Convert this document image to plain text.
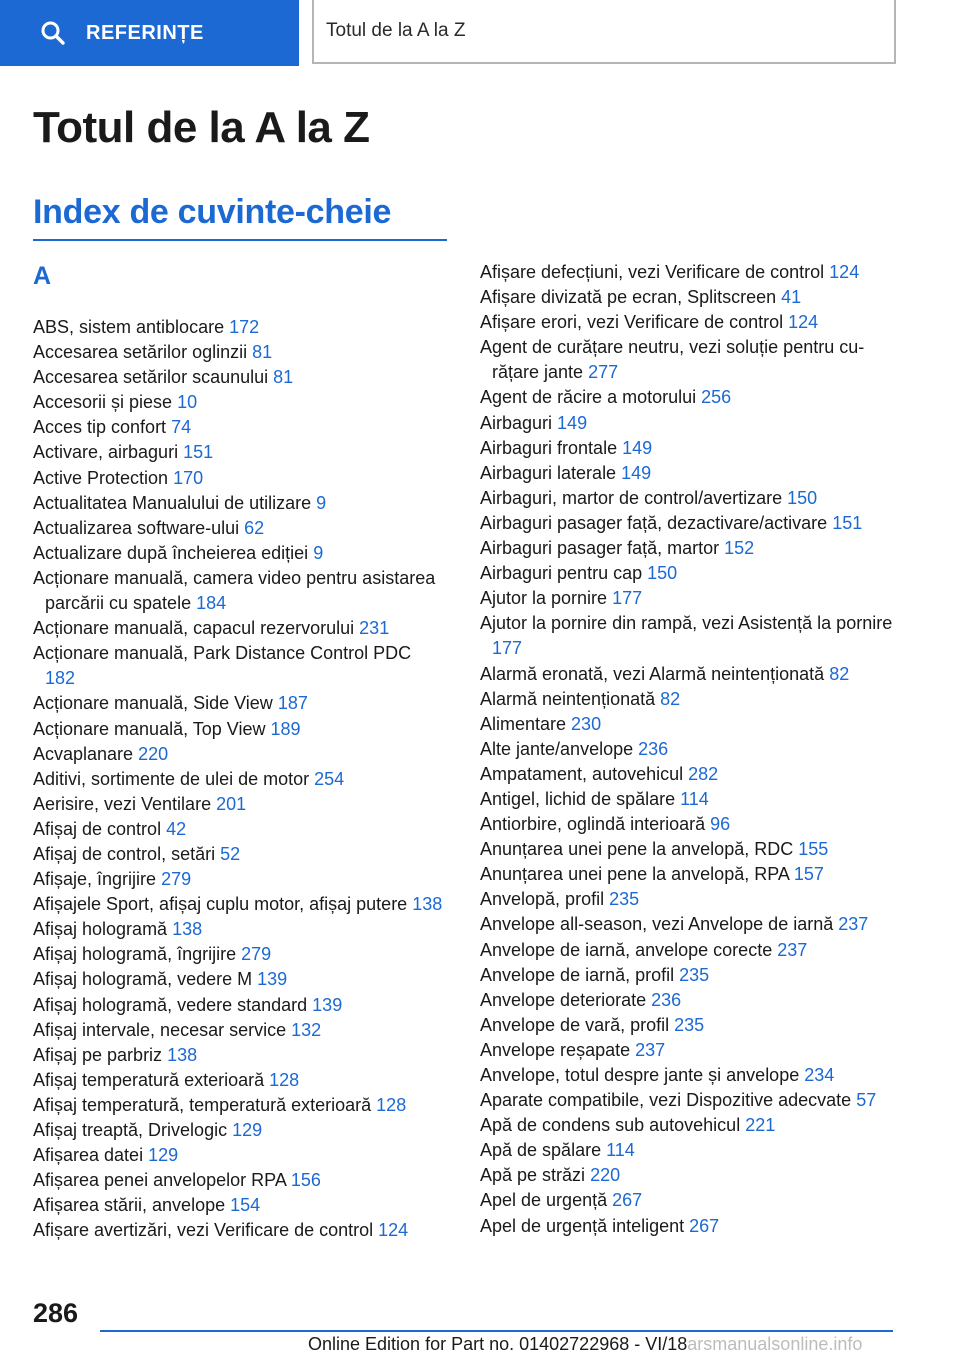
REFERINȚE	Totul de la A la Z
Totul de la A la Z
Index de cuvinte-cheie
A
ABS, sistem antiblocare 172
Accesarea setărilor oglinzii 81
Accesarea setărilor scaunului 81
Accesorii și piese 10
Acces tip confort 74
Activare, airbaguri 151
Active Protection 170
Actualitatea Manualului de utilizare 9
Actualizarea software-ului 62
Actualizare după încheierea ediției 9
Acționare manuală, camera video pentru asistarea parcării cu spatele 184
Acționare manuală, capacul rezervorului 231
Acționare manuală, Park Distance Control PDC 182
Acționare manuală, Side View 187
Acționare manuală, Top View 189
Acvaplanare 220
Aditivi, sortimente de ulei de motor 254
Aerisire, vezi Ventilare 201
Afișaj de control 42
Afișaj de control, setări 52
Afișaje, îngrijire 279
Afișajele Sport, afișaj cuplu motor, afișaj putere 138
Afișaj hologramă 138
Afișaj hologramă, îngrijire 279
Afișaj hologramă, vedere M 139
Afișaj hologramă, vedere standard 139
Afișaj intervale, necesar service 132
Afișaj pe parbriz 138
Afișaj temperatură exterioară 128
Afișaj temperatură, temperatură exterioară 128
Afișaj treaptă, Drivelogic 129
Afișarea datei 129
Afișarea penei anvelopelor RPA 156
Afișarea stării, anvelope 154
Afișare avertizări, vezi Verificare de control 124
Afișare defecțiuni, vezi Verificare de control 124
Afișare divizată pe ecran, Splitscreen 41
Afișare erori, vezi Verificare de control 124
Agent de curățare neutru, vezi soluție pentru curățare jante 277
Agent de răcire a motorului 256
Airbaguri 149
Airbaguri frontale 149
Airbaguri laterale 149
Airbaguri, martor de control/avertizare 150
Airbaguri pasager față, dezactivare/activare 151
Airbaguri pasager față, martor 152
Airbaguri pentru cap 150
Ajutor la pornire 177
Ajutor la pornire din rampă, vezi Asistență la pornire 177
Alarmă eronată, vezi Alarmă neintenționată 82
Alarmă neintenționată 82
Alimentare 230
Alte jante/anvelope 236
Ampatament, autovehicul 282
Antigel, lichid de spălare 114
Antiorbire, oglindă interioară 96
Anunțarea unei pene la anvelopă, RDC 155
Anunțarea unei pene la anvelopă, RPA 157
Anvelopă, profil 235
Anvelope all-season, vezi Anvelope de iarnă 237
Anvelope de iarnă, anvelope corecte 237
Anvelope de iarnă, profil 235
Anvelope deteriorate 236
Anvelope de vară, profil 235
Anvelope reșapate 237
Anvelope, totul despre jante și anvelope 234
Aparate compatibile, vezi Dispozitive adecvate 57
Apă de condens sub autovehicul 221
Apă de spălare 114
Apă pe străzi 220
Apel de urgență 267
Apel de urgență inteligent 267
286
Online Edition for Part no. 01402722968 - VI/18arsmanualsonline.info
